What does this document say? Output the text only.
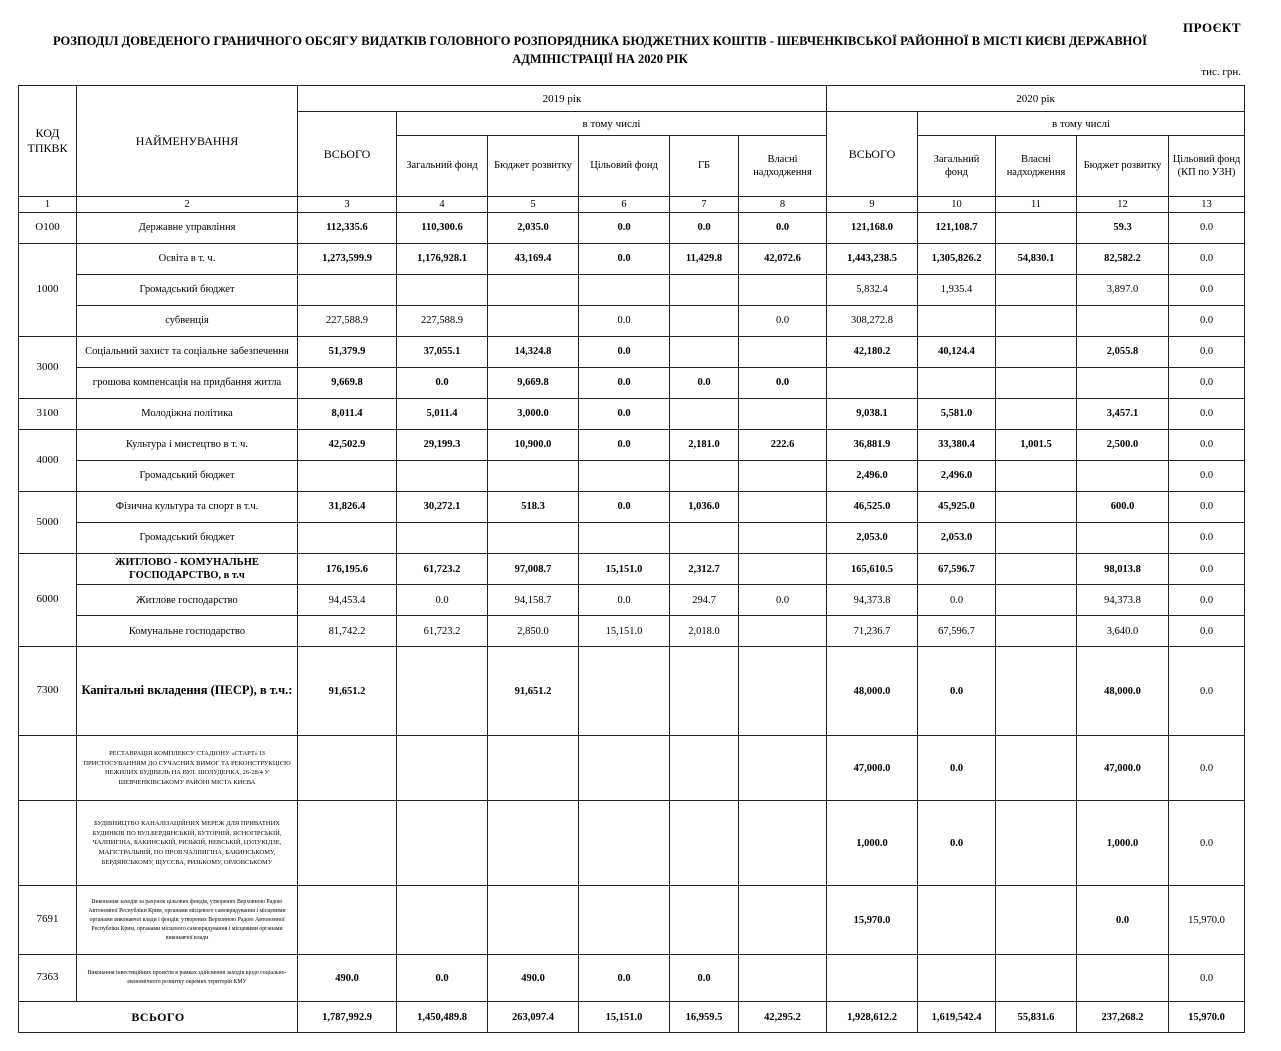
ПРОЄКТ
РОЗПОДІЛ ДОВЕДЕНОГО ГРАНИЧНОГО ОБСЯГУ ВИДАТКІВ ГОЛОВНОГО РОЗПОРЯДНИКА БЮДЖЕТНИХ КОШТІВ - ШЕВЧЕНКІВСЬКОЇ РАЙОННОЇ В МІСТІ КИЄВІ ДЕРЖАВНОЇ АДМІНІСТРАЦІЇ НА 2020 РІК
тис. грн.
КОД ТПКВК	НАЙМЕНУВАННЯ	2019 рік						2020 рік				
		ВСЬОГО	в тому числі					ВСЬОГО	в тому числі			
			Загальний фонд	Бюджет розвитку	Цільовий фонд	ГБ	Власні надходження		Загальний фонд	Власні надходження	Бюджет розвитку	Цільовий фонд (КП по УЗН)
1	2	3	4	5	6	7	8	9	10	11	12	13
О100	Державне управління	112,335.6	110,300.6	2,035.0	0.0	0.0	0.0	121,168.0	121,108.7		59.3	0.0
1000	Освіта в т. ч.	1,273,599.9	1,176,928.1	43,169.4	0.0	11,429.8	42,072.6	1,443,238.5	1,305,826.2	54,830.1	82,582.2	0.0
	Громадський бюджет							5,832.4	1,935.4		3,897.0	0.0
	субвенція	227,588.9	227,588.9		0.0		0.0	308,272.8				0.0
3000	Соціальний захист та соціальне забезпечення	51,379.9	37,055.1	14,324.8	0.0			42,180.2	40,124.4		2,055.8	0.0
	грошова компенсація на придбання житла	9,669.8	0.0	9,669.8	0.0	0.0	0.0					0.0
3100	Молодіжна політика	8,011.4	5,011.4	3,000.0	0.0			9,038.1	5,581.0		3,457.1	0.0
4000	Культура і мистецтво в т. ч.	42,502.9	29,199.3	10,900.0	0.0	2,181.0	222.6	36,881.9	33,380.4	1,001.5	2,500.0	0.0
	Громадський бюджет							2,496.0	2,496.0			0.0
5000	Фізична культура та спорт в т.ч.	31,826.4	30,272.1	518.3	0.0	1,036.0		46,525.0	45,925.0		600.0	0.0
	Громадський бюджет							2,053.0	2,053.0			0.0
6000	ЖИТЛОВО - КОМУНАЛЬНЕ ГОСПОДАРСТВО, в т.ч	176,195.6	61,723.2	97,008.7	15,151.0	2,312.7		165,610.5	67,596.7		98,013.8	0.0
	Житлове господарство	94,453.4	0.0	94,158.7	0.0	294.7	0.0	94,373.8	0.0		94,373.8	0.0
	Комунальне господарство	81,742.2	61,723.2	2,850.0	15,151.0	2,018.0		71,236.7	67,596.7		3,640.0	0.0
7300	Капітальні вкладення (ПЕСР), в т.ч.:	91,651.2		91,651.2				48,000.0	0.0		48,000.0	0.0
	РЕСТАВРАЦІЯ КОМПЛЕКСУ СТАДІОНУ «СТАРТ» ІЗ ПРИСТОСУВАННЯМ ДО СУЧАСНИХ ВИМОГ ТА РЕКОНСТРУКЦІЄЮ НЕЖИЛИХ БУДІВЕЛЬ НА ВУЛ. ШОЛУДЕНКА, 26-28/4 У ШЕВЧЕНКІВСЬКОМУ РАЙОНІ МІСТА КИЄВА							47,000.0	0.0		47,000.0	0.0
	БУДІВНИЦТВО КАНАЛІЗАЦІЙНИХ МЕРЕЖ ДЛЯ ПРИВАТНИХ БУДИНКІВ ПО ВУЛ.БЕРДЯНСЬКІЙ, БУТОРНІЙ, ЯСНОГІРСЬКІЙ, ЧАЛПИГІНА, БАКИНСЬКІЙ, РИЗЬКІЙ, НЕВСЬКІЙ, ЦУЛУКІДЗЕ, МАГІСТРАЛЬНІЙ, ПО ПРОВ.ЧАЛПИГІНА, БАКИНСЬКОМУ, БЕРДЯНСЬКОМУ, ЩУСЄВА, РИЗЬКОМУ, ОРЛОВСЬКОМУ							1,000.0	0.0		1,000.0	0.0
7691	Виконання заходів за рахунок цільових фондів, утворених Верховною Радою Автономної Республіки Крим, органами місцевого самоврядування і місцевими органами виконавчої влади і фондів, утворених Верховною Радою Автономної Республіки Крим, органами місцевого самоврядування і місцевими органами виконавчої влади							15,970.0			0.0	15,970.0
7363	Виконання інвестиційних проектів в рамках здійснення заходів щодо соціально-економічного розвитку окремих територій КМУ	490.0	0.0	490.0	0.0	0.0						0.0
ВСЬОГО		1,787,992.9	1,450,489.8	263,097.4	15,151.0	16,959.5	42,295.2	1,928,612.2	1,619,542.4	55,831.6	237,268.2	15,970.0
